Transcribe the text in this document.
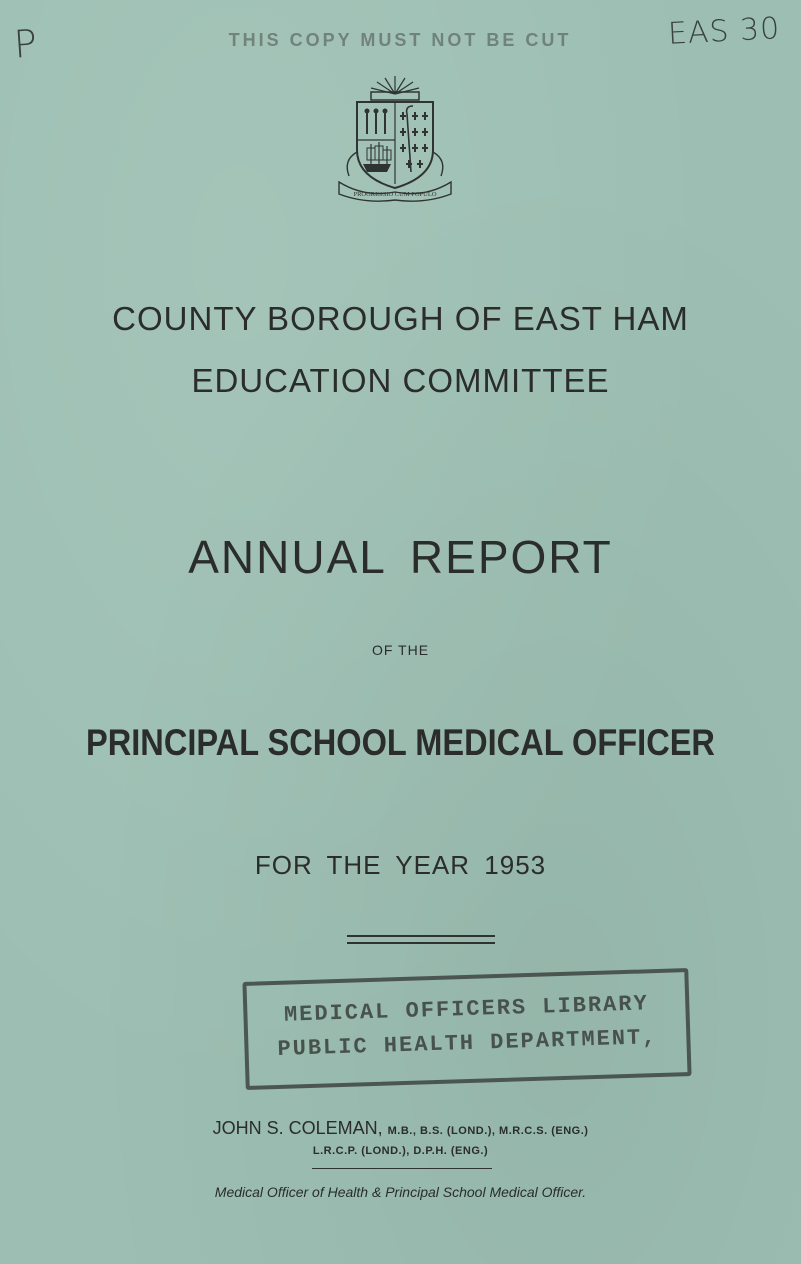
P	EAS 30
THIS COPY MUST NOT BE CUT
PROGRESSIO CUM POPULO
COUNTY BOROUGH OF EAST HAM
EDUCATION COMMITTEE
ANNUAL REPORT
OF THE
PRINCIPAL SCHOOL MEDICAL OFFICER
FOR THE YEAR 1953
MEDICAL OFFICERS LIBRARY
PUBLIC HEALTH DEPARTMENT,
JOHN S. COLEMAN, M.B., B.S. (LOND.), M.R.C.S. (ENG.)
L.R.C.P. (LOND.), D.P.H. (ENG.)
Medical Officer of Health & Principal School Medical Officer.
